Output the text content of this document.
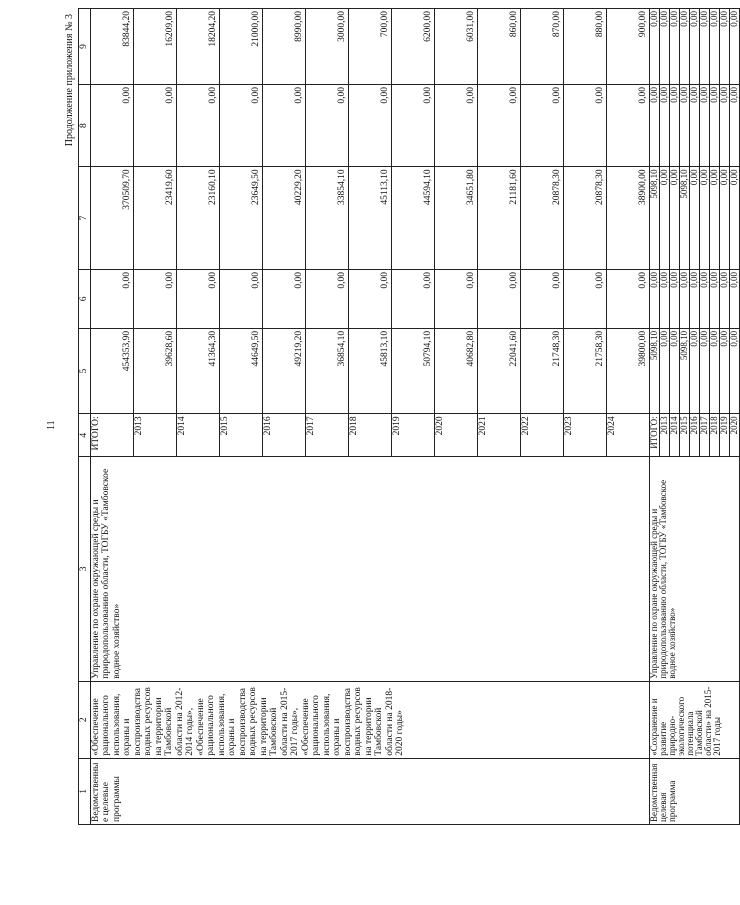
11
Продолжение приложения № 3
1	2	3	4	5	6	7	8	9
Ведомственные целевые программы	«Обеспечение рационального использования, охраны и воспроизводства водных ресурсов на территории Тамбовской области на 2012-2014 годы», «Обеспечение рационального использования, охраны и воспроизводства водных ресурсов на территории Тамбовской области на 2015-2017 годы», «Обеспечение рационального использования, охраны и воспроизводства водных ресурсов на территории Тамбовской области на 2018-2020 годы»	Управление по охране окружающей среды и природопользованию области, ТОГБУ «Тамбовское водное хозяйство»	ИТОГО:	454353,90	0,00	370509,70	0,00	83844,20
			2013	39628,60	0,00	23419,60	0,00	16209,00
			2014	41364,30	0,00	23160,10	0,00	18204,20
			2015	44649,50	0,00	23649,50	0,00	21000,00
			2016	49219,20	0,00	40229,20	0,00	8990,00
			2017	36854,10	0,00	33854,10	0,00	3000,00
			2018	45813,10	0,00	45113,10	0,00	700,00
			2019	50794,10	0,00	44594,10	0,00	6200,00
			2020	40682,80	0,00	34651,80	0,00	6031,00
			2021	22041,60	0,00	21181,60	0,00	860,00
			2022	21748,30	0,00	20878,30	0,00	870,00
			2023	21758,30	0,00	20878,30	0,00	880,00
			2024	39800,00	0,00	38900,00	0,00	900,00
Ведомственная целевая программа	«Сохранение и развитие природно-экологического потенциала Тамбовской области» на 2015-2017 годы	Управление по охране окружающей среды и природопользованию области, ТОГБУ «Тамбовское водное хозяйство»	ИТОГО:	5098,10	0,00	5098,10	0,00	0,00
			2013	0,00	0,00	0,00	0,00	0,00
			2014	0,00	0,00	0,00	0,00	0,00
			2015	5098,10	0,00	5098,10	0,00	0,00
			2016	0,00	0,00	0,00	0,00	0,00
			2017	0,00	0,00	0,00	0,00	0,00
			2018	0,00	0,00	0,00	0,00	0,00
			2019	0,00	0,00	0,00	0,00	0,00
			2020	0,00	0,00	0,00	0,00	0,00
